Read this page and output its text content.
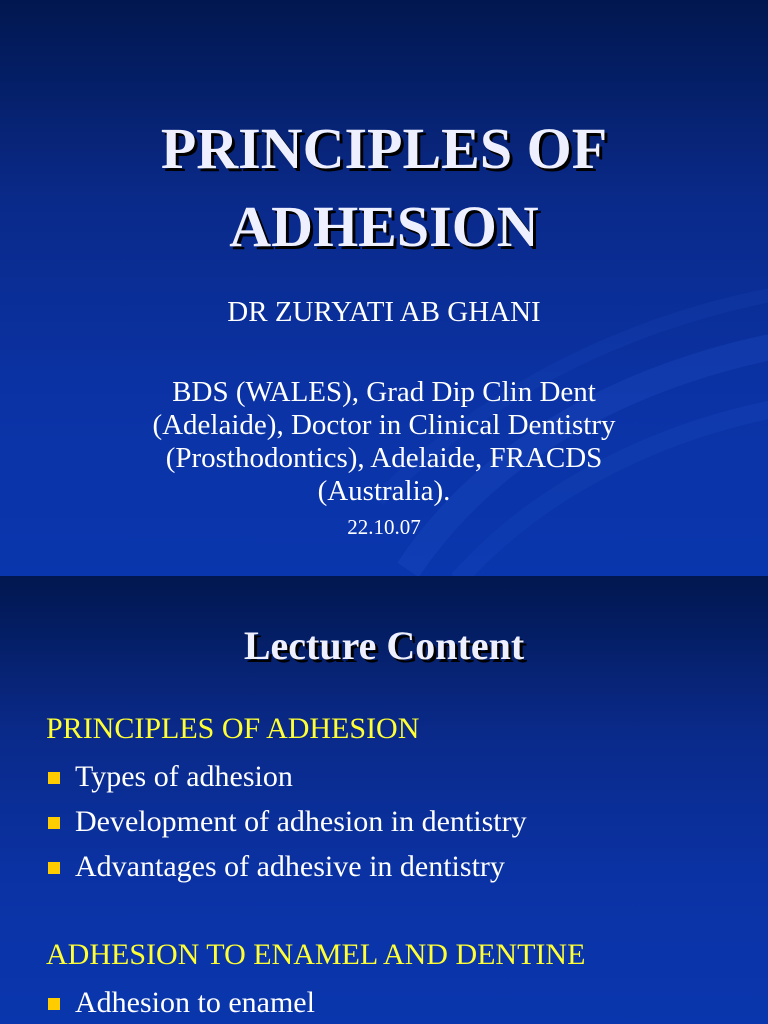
PRINCIPLES OF
ADHESION

DR ZURYATI AB GHANI

BDS (WALES), Grad Dip Clin Dent
(Adelaide), Doctor in Clinical Dentistry
(Prosthodontics), Adelaide, FRACDS
(Australia).

22.10.07

Lecture Content

PRINCIPLES OF ADHESION

Types of adhesion
Development of adhesion in dentistry
Advantages of adhesive in dentistry

ADHESION TO ENAMEL AND DENTINE

Adhesion to enamel
